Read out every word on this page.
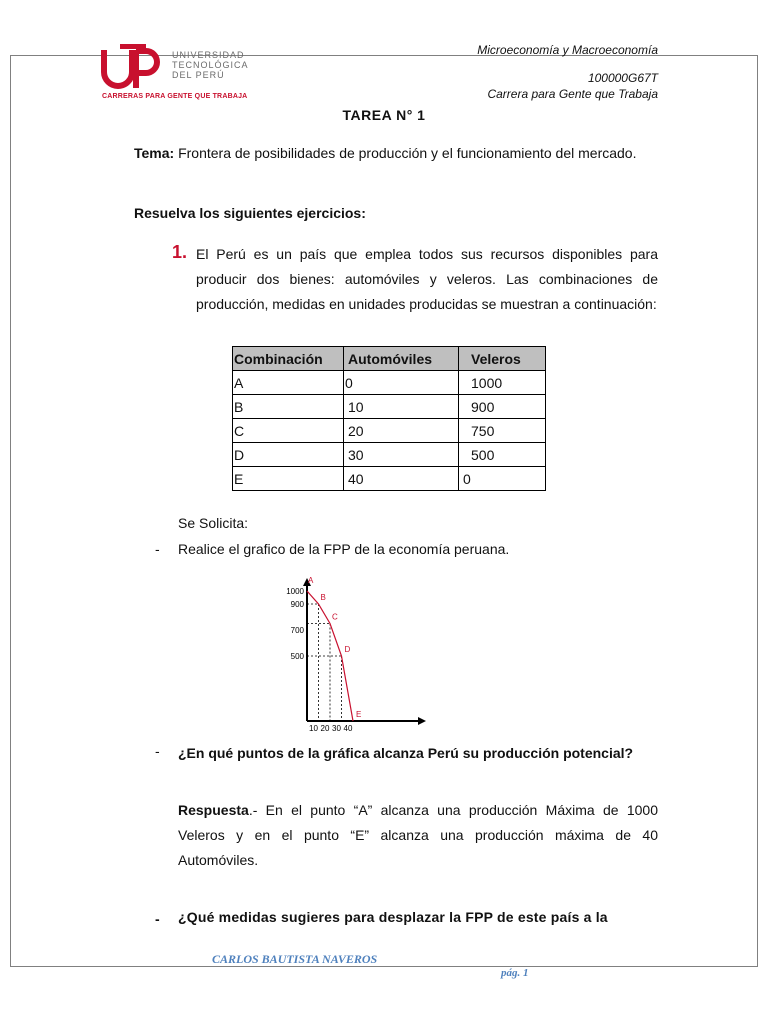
UNIVERSIDAD
TECNOLÓGICA
DEL PERÚ
CARRERAS PARA GENTE QUE TRABAJA
Microeconomía y Macroeconomía
100000G67T
Carrera para Gente que Trabaja
TAREA N° 1
Tema: Frontera de posibilidades de producción y el funcionamiento del mercado.
Resuelva los siguientes ejercicios:
1. El Perú es un país que emplea todos sus recursos disponibles para producir dos bienes: automóviles y veleros. Las combinaciones de producción, medidas en unidades producidas se muestran a continuación:
Combinación	Automóviles	Veleros
A	0	1000
B	10	900
C	20	750
D	30	500
E	40	0
Se Solicita:
- Realice el grafico de la FPP de la economía peruana.
A
B
C
D
E
1000
900
700
500
10 20 30 40
- ¿En qué puntos de la gráfica alcanza Perú su producción potencial?
Respuesta.- En el punto “A” alcanza una producción Máxima de 1000 Veleros y en el punto “E” alcanza una producción máxima de 40 Automóviles.
- ¿Qué medidas sugieres para desplazar la FPP de este país a la
CARLOS BAUTISTA NAVEROS
pág. 1
